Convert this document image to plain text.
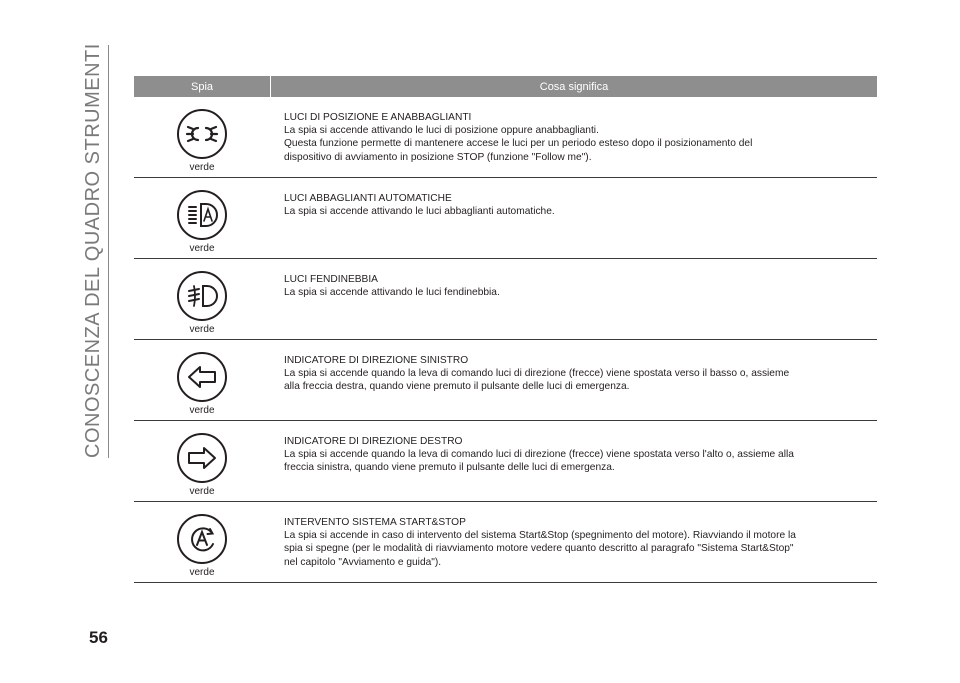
CONOSCENZA DEL QUADRO STRUMENTI	Spia	Cosa significa
verde
LUCI DI POSIZIONE E ANABBAGLIANTI
La spia si accende attivando le luci di posizione oppure anabbaglianti.
Questa funzione permette di mantenere accese le luci per un periodo esteso dopo il posizionamento del
dispositivo di avviamento in posizione STOP (funzione "Follow me").
verde
LUCI ABBAGLIANTI AUTOMATICHE
La spia si accende attivando le luci abbaglianti automatiche.
verde
LUCI FENDINEBBIA
La spia si accende attivando le luci fendinebbia.
verde
INDICATORE DI DIREZIONE SINISTRO
La spia si accende quando la leva di comando luci di direzione (frecce) viene spostata verso il basso o, assieme
alla freccia destra, quando viene premuto il pulsante delle luci di emergenza.
verde
INDICATORE DI DIREZIONE DESTRO
La spia si accende quando la leva di comando luci di direzione (frecce) viene spostata verso l'alto o, assieme alla
freccia sinistra, quando viene premuto il pulsante delle luci di emergenza.
verde
INTERVENTO SISTEMA START&STOP
La spia si accende in caso di intervento del sistema Start&Stop (spegnimento del motore). Riavviando il motore la
spia si spegne (per le modalità di riavviamento motore vedere quanto descritto al paragrafo "Sistema Start&Stop"
nel capitolo "Avviamento e guida").
56
